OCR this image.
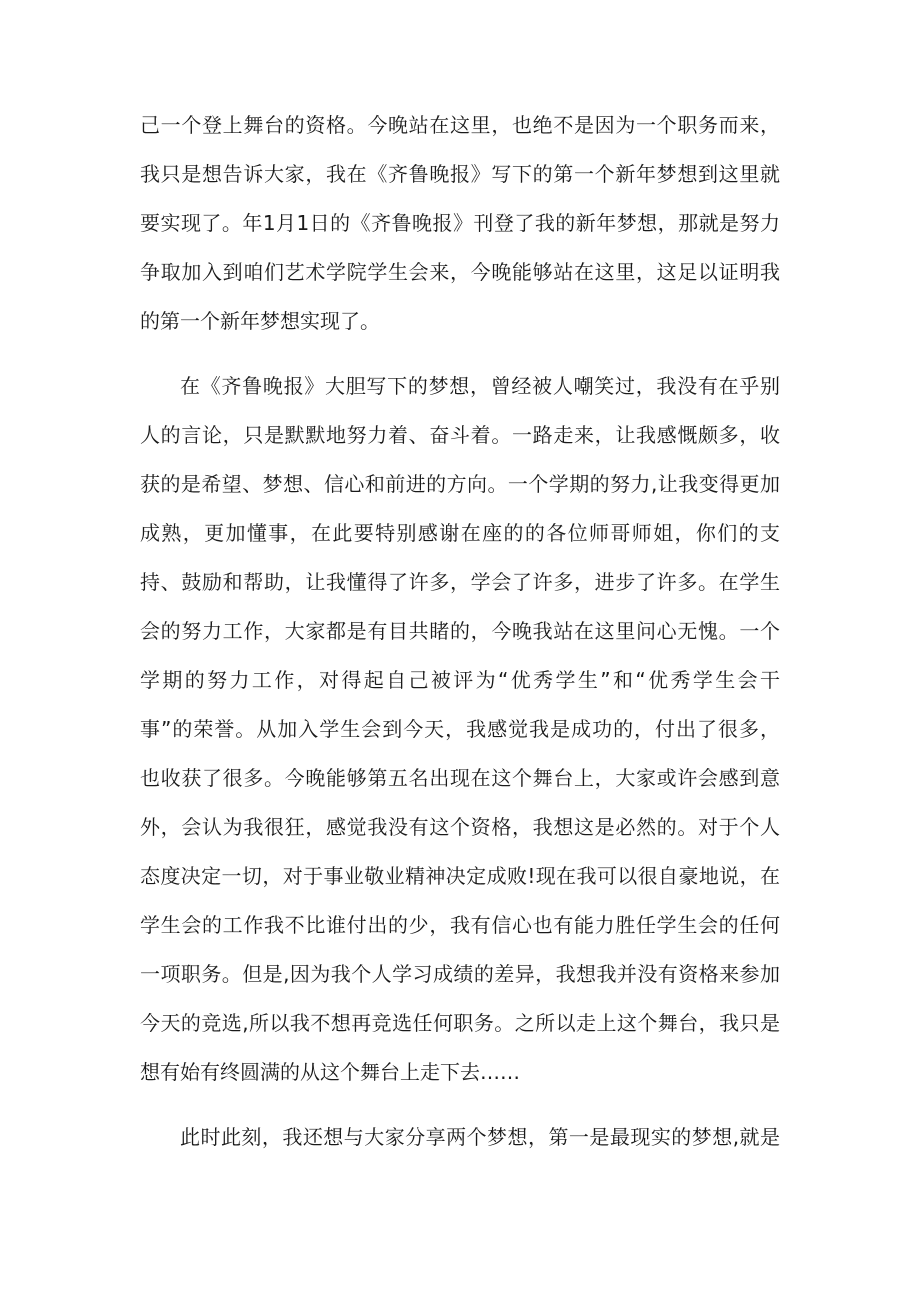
己一个登上舞台的资格。今晚站在这里，也绝不是因为一个职务而来，
我只是想告诉大家，我在《齐鲁晚报》写下的第一个新年梦想到这里就
要实现了。年1月1日的《齐鲁晚报》刊登了我的新年梦想，那就是努力
争取加入到咱们艺术学院学生会来，今晚能够站在这里，这足以证明我
的第一个新年梦想实现了。
在《齐鲁晚报》大胆写下的梦想，曾经被人嘲笑过，我没有在乎别
人的言论，只是默默地努力着、奋斗着。一路走来，让我感慨颇多，收
获的是希望、梦想、信心和前进的方向。一个学期的努力,让我变得更加
成熟，更加懂事，在此要特别感谢在座的的各位师哥师姐，你们的支
持、鼓励和帮助，让我懂得了许多，学会了许多，进步了许多。在学生
会的努力工作，大家都是有目共睹的，今晚我站在这里问心无愧。一个
学期的努力工作，对得起自己被评为“优秀学生”和“优秀学生会干
事”的荣誉。从加入学生会到今天，我感觉我是成功的，付出了很多，
也收获了很多。今晚能够第五名出现在这个舞台上，大家或许会感到意
外，会认为我很狂，感觉我没有这个资格，我想这是必然的。对于个人
态度决定一切，对于事业敬业精神决定成败!现在我可以很自豪地说，在
学生会的工作我不比谁付出的少，我有信心也有能力胜任学生会的任何
一项职务。但是,因为我个人学习成绩的差异，我想我并没有资格来参加
今天的竞选,所以我不想再竞选任何职务。之所以走上这个舞台，我只是
想有始有终圆满的从这个舞台上走下去……
此时此刻，我还想与大家分享两个梦想，第一是最现实的梦想,就是
